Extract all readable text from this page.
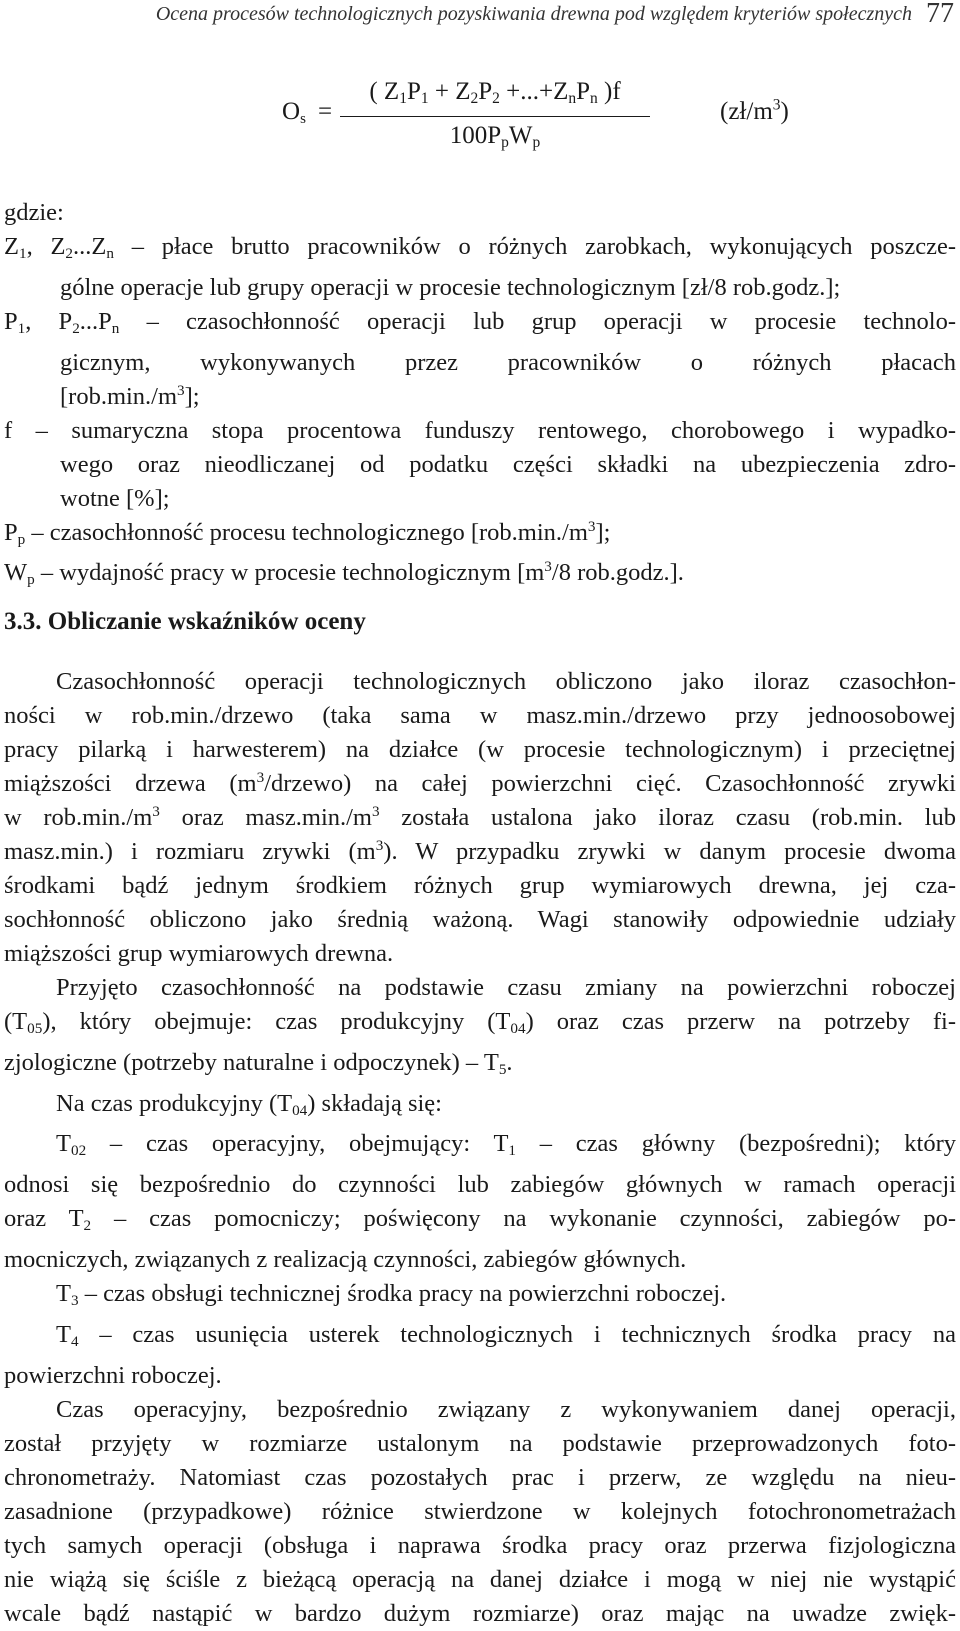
Ocena procesów technologicznych pozyskiwania drewna pod względem kryteriów społecznych 77
$O_s$ =
( $Z_1P_1 + Z_2P_2 +...+Z_nP_n$ )f
$100P_pW_p$
$(zł/m^3)$
gdzie:
$Z_1$, $Z_2...Z_n$ – płace brutto pracowników o różnych zarobkach, wykonujących poszcze-
gólne operacje lub grupy operacji w procesie technologicznym [zł/8 rob.godz.];
$P_1$, $P_2...P_n$ – czasochłonność operacji lub grup operacji w procesie technolo-
gicznym, wykonywanych przez pracowników o różnych płacach
$[rob.\min./m^3]$;
f – sumaryczna stopa procentowa funduszy rentowego, chorobowego i wypadko-
wego oraz nieodliczanej od podatku części składki na ubezpieczenia zdro-
wotne [%];
$P_p$ – czasochłonność procesu technologicznego $[rob.\min./m^3]$;
$W_p$ – wydajność pracy w procesie technologicznym [$m^3/8$ rob.godz.].
3.3. Obliczanie wskaźników oceny
Czasochłonność operacji technologicznych obliczono jako iloraz czasochłon-
ności w rob.min./drzewo (taka sama w masz.min./drzewo przy jednoosobowej
pracy pilarką i harwesterem) na działce (w procesie technologicznym) i przeciętnej
miąższości drzewa $(m^3/drzewo)$ na całej powierzchni cięć. Czasochłonność zrywki
w $rob.\min./m^3$ oraz $masz.\min./m^3$ została ustalona jako iloraz czasu (rob.min. lub
masz.min.) i rozmiaru zrywki $(m^3)$. W przypadku zrywki w danym procesie dwoma
środkami bądź jednym środkiem różnych grup wymiarowych drewna, jej cza-
sochłonność obliczono jako średnią ważoną. Wagi stanowiły odpowiednie udziały
miąższości grup wymiarowych drewna.
Przyjęto czasochłonność na podstawie czasu zmiany na powierzchni roboczej
$(T_{05})$, który obejmuje: czas produkcyjny $(T_{04})$ oraz czas przerw na potrzeby fi-
zjologiczne (potrzeby naturalne i odpoczynek) – $T_5$.
Na czas produkcyjny $(T_{04})$ składają się:
$T_{02}$ – czas operacyjny, obejmujący: $T_1$ – czas główny (bezpośredni); który
odnosi się bezpośrednio do czynności lub zabiegów głównych w ramach operacji
oraz $T_2$ – czas pomocniczy; poświęcony na wykonanie czynności, zabiegów po-
mocniczych, związanych z realizacją czynności, zabiegów głównych.
$T_3$ – czas obsługi technicznej środka pracy na powierzchni roboczej.
$T_4$ – czas usunięcia usterek technologicznych i technicznych środka pracy na
powierzchni roboczej.
Czas operacyjny, bezpośrednio związany z wykonywaniem danej operacji,
został przyjęty w rozmiarze ustalonym na podstawie przeprowadzonych foto-
chronometraży. Natomiast czas pozostałych prac i przerw, ze względu na nieu-
zasadnione (przypadkowe) różnice stwierdzone w kolejnych fotochronometrażach
tych samych operacji (obsługa i naprawa środka pracy oraz przerwa fizjologiczna
nie wiążą się ściśle z bieżącą operacją na danej działce i mogą w niej nie wystąpić
wcale bądź nastąpić w bardzo dużym rozmiarze) oraz mając na uwadze zwięk-
